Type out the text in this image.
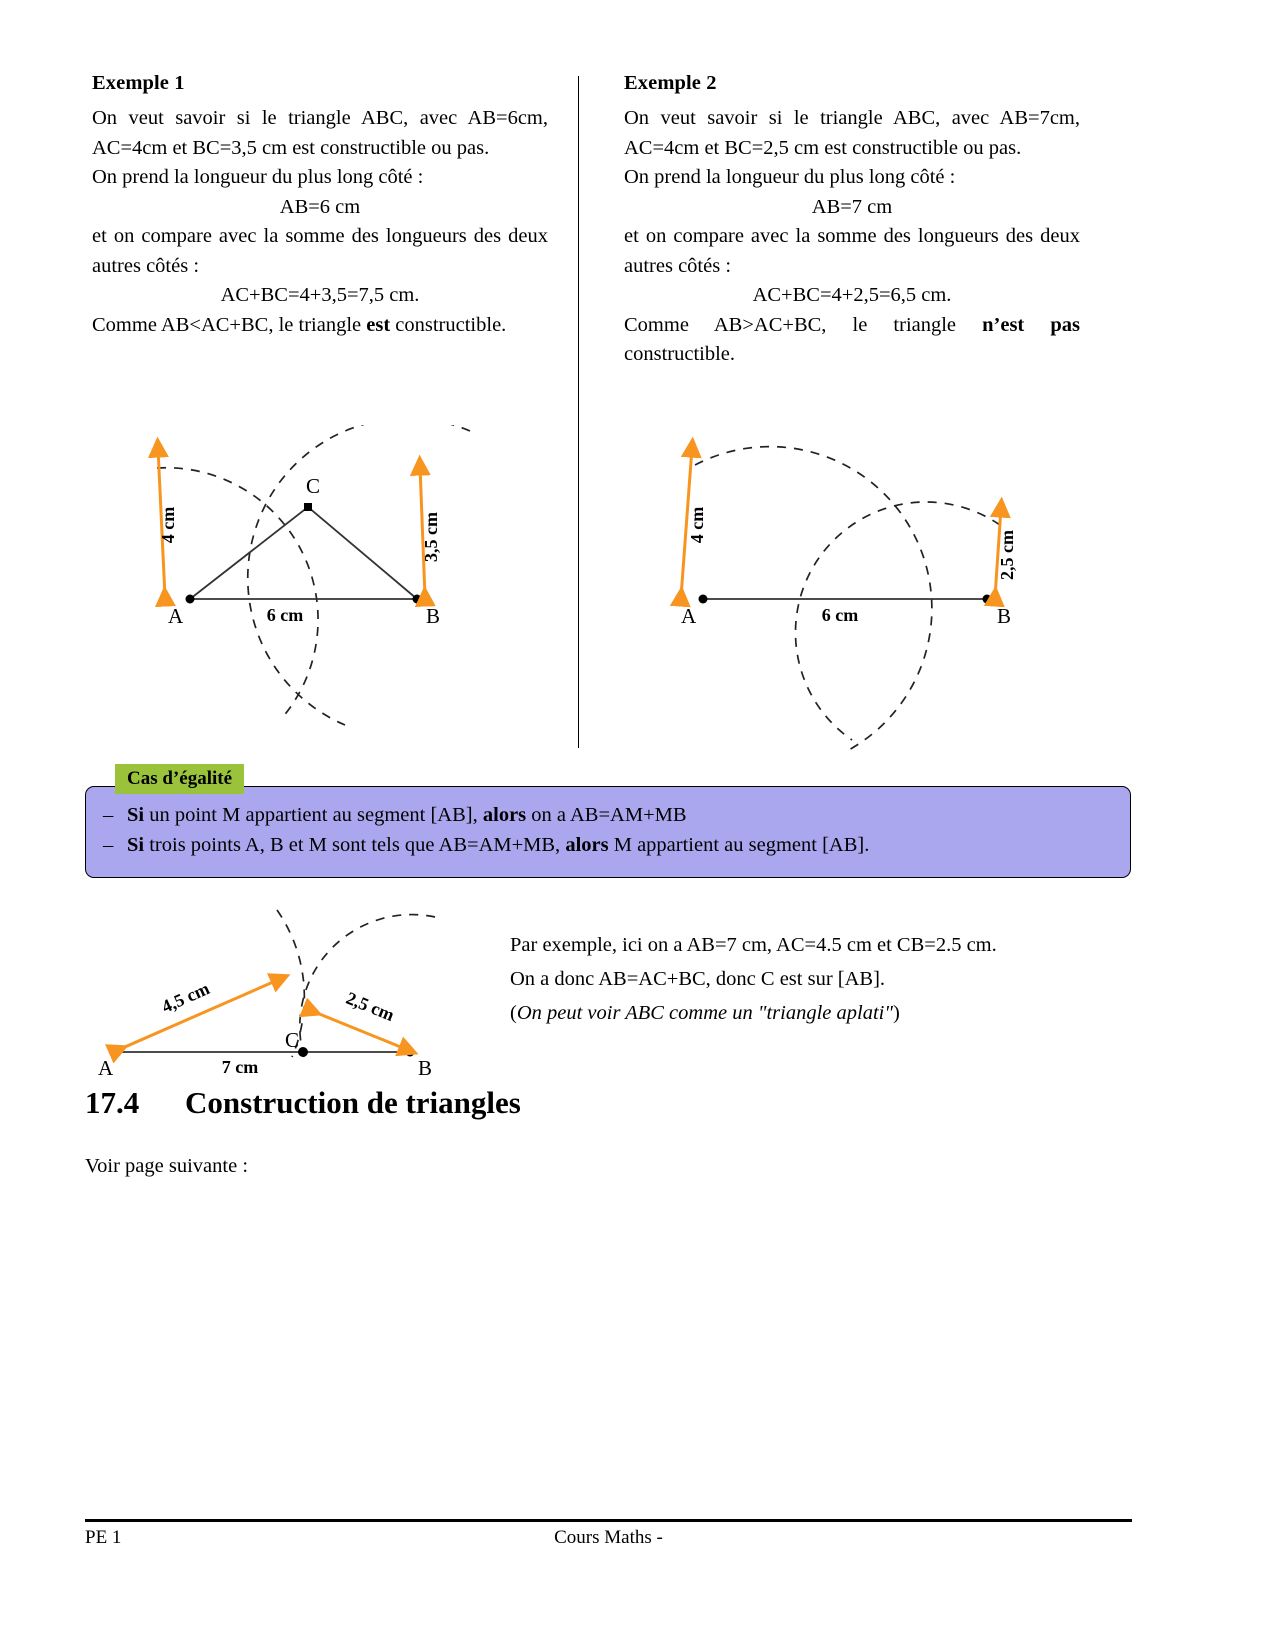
Exemple 1

On veut savoir si le triangle ABC, avec AB=6cm, AC=4cm et BC=3,5 cm est constructible ou pas.

On prend la longueur du plus long côté :

AB=6 cm

et on compare avec la somme des longueurs des deux autres côtés :

AC+BC=4+3,5=7,5 cm.

Comme AB<AC+BC, le triangle est constructible.

Exemple 2

On veut savoir si le triangle ABC, avec AB=7cm, AC=4cm et BC=2,5 cm est constructible ou pas.

On prend la longueur du plus long côté :

AB=7 cm

et on compare avec la somme des longueurs des deux autres côtés :

AC+BC=4+2,5=6,5 cm.

Comme AB>AC+BC, le triangle n’est pas constructible.

A	B
C
6 cm
4 cm	3,5 cm
A	B
6 cm
4 cm
2,5 cm
Cas d’égalité
– Si un point M appartient au segment [AB], alors on a AB=AM+MB
– Si trois points A, B et M sont tels que AB=AM+MB, alors M appartient au segment [AB].
A	B
C
7 cm
4,5 cm	2,5 cm
Par exemple, ici on a AB=7 cm, AC=4.5 cm et CB=2.5 cm.
On a donc AB=AC+BC, donc C est sur [AB].
(On peut voir ABC comme un "triangle aplati")
17.4	Construction de triangles
Voir page suivante :
PE 1	Cours Maths -
